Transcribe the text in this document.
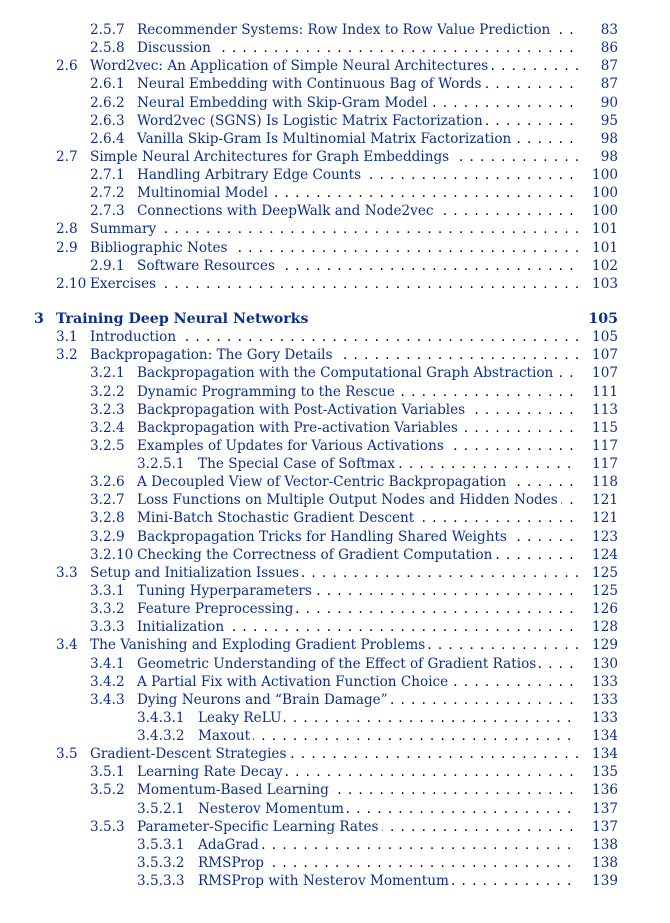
2.5.7 Recommender Systems: Row Index to Row Value Prediction . . .	83
2.5.8 Discussion . . .	86
2.6 Word2vec: An Application of Simple Neural Architectures . . .	87
2.6.1 Neural Embedding with Continuous Bag of Words . . .	87
2.6.2 Neural Embedding with Skip-Gram Model . . .	90
2.6.3 Word2vec (SGNS) Is Logistic Matrix Factorization . . .	95
2.6.4 Vanilla Skip-Gram Is Multinomial Matrix Factorization . . .	98
2.7 Simple Neural Architectures for Graph Embeddings . . .	98
2.7.1 Handling Arbitrary Edge Counts . . .	100
2.7.2 Multinomial Model . . .	100
2.7.3 Connections with DeepWalk and Node2vec . . .	100
2.8 Summary . . .	101
2.9 Bibliographic Notes . . .	101
2.9.1 Software Resources . . .	102
2.10 Exercises . . .	103
3 Training Deep Neural Networks	105
3.1 Introduction . . .	105
3.2 Backpropagation: The Gory Details . . .	107
3.2.1 Backpropagation with the Computational Graph Abstraction . . .	107
3.2.2 Dynamic Programming to the Rescue . . .	111
3.2.3 Backpropagation with Post-Activation Variables . . .	113
3.2.4 Backpropagation with Pre-activation Variables . . .	115
3.2.5 Examples of Updates for Various Activations . . .	117
3.2.5.1 The Special Case of Softmax . . .	117
3.2.6 A Decoupled View of Vector-Centric Backpropagation . . .	118
3.2.7 Loss Functions on Multiple Output Nodes and Hidden Nodes . . .	121
3.2.8 Mini-Batch Stochastic Gradient Descent . . .	121
3.2.9 Backpropagation Tricks for Handling Shared Weights . . .	123
3.2.10 Checking the Correctness of Gradient Computation . . .	124
3.3 Setup and Initialization Issues . . .	125
3.3.1 Tuning Hyperparameters . . .	125
3.3.2 Feature Preprocessing . . .	126
3.3.3 Initialization . . .	128
3.4 The Vanishing and Exploding Gradient Problems . . .	129
3.4.1 Geometric Understanding of the Effect of Gradient Ratios . . .	130
3.4.2 A Partial Fix with Activation Function Choice . . .	133
3.4.3 Dying Neurons and “Brain Damage” . . .	133
3.4.3.1 Leaky ReLU . . .	133
3.4.3.2 Maxout . . .	134
3.5 Gradient-Descent Strategies . . .	134
3.5.1 Learning Rate Decay . . .	135
3.5.2 Momentum-Based Learning . . .	136
3.5.2.1 Nesterov Momentum . . .	137
3.5.3 Parameter-Specific Learning Rates . . .	137
3.5.3.1 AdaGrad . . .	138
3.5.3.2 RMSProp . . .	138
3.5.3.3 RMSProp with Nesterov Momentum . . .	139
